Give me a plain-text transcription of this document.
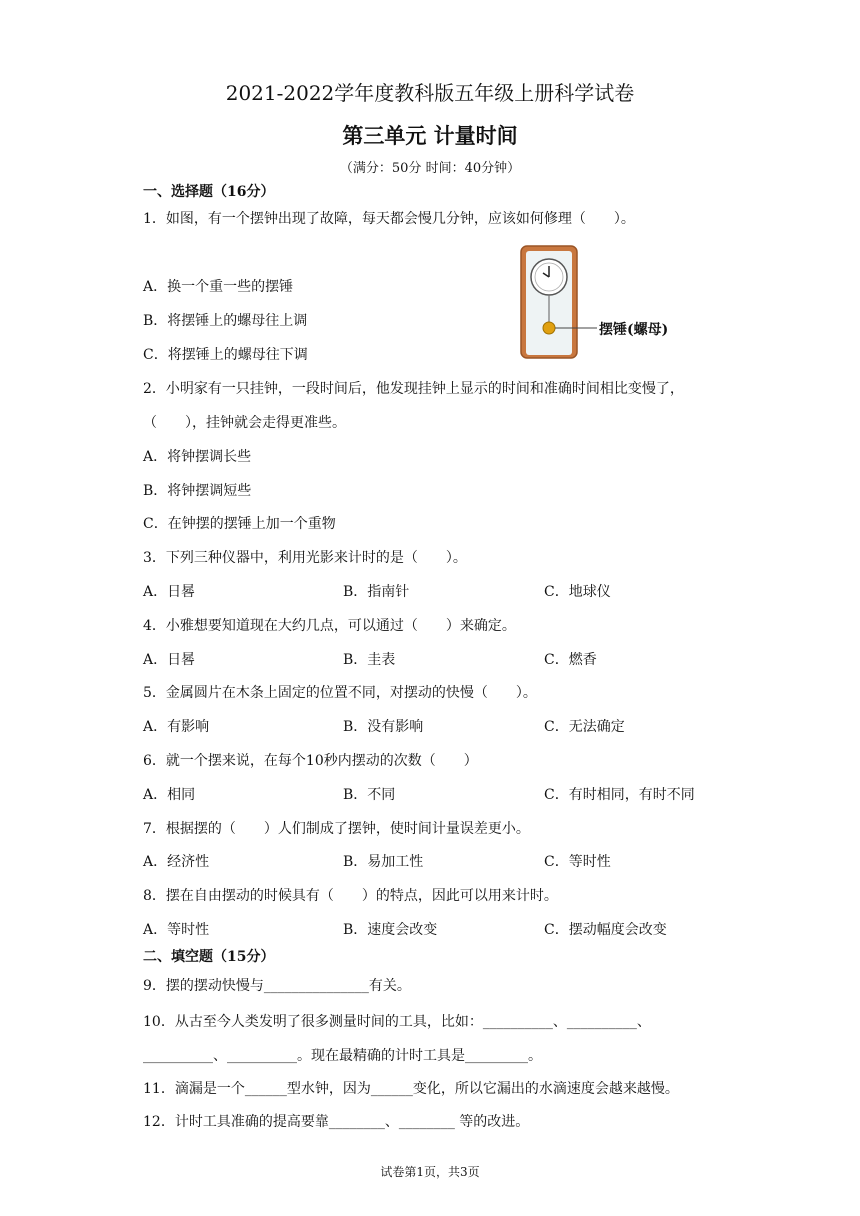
2021-2022学年度教科版五年级上册科学试卷
第三单元 计量时间
（满分：50分 时间：40分钟）
一、选择题（16分）
1．如图，有一个摆钟出现了故障，每天都会慢几分钟，应该如何修理（　　）。
A．换一个重一些的摆锤
B．将摆锤上的螺母往上调
C．将摆锤上的螺母往下调
摆锤(螺母)
2．小明家有一只挂钟，一段时间后，他发现挂钟上显示的时间和准确时间相比变慢了，
（　　），挂钟就会走得更准些。
A．将钟摆调长些
B．将钟摆调短些
C．在钟摆的摆锤上加一个重物
3．下列三种仪器中，利用光影来计时的是（　　）。
A．日晷	B．指南针	C．地球仪
4．小雅想要知道现在大约几点，可以通过（　　）来确定。
A．日晷	B．圭表	C．燃香
5．金属圆片在木条上固定的位置不同，对摆动的快慢（　　）。
A．有影响	B．没有影响	C．无法确定
6．就一个摆来说，在每个10秒内摆动的次数（　　）
A．相同	B．不同	C．有时相同，有时不同
7．根据摆的（　　）人们制成了摆钟，使时间计量误差更小。
A．经济性	B．易加工性	C．等时性
8．摆在自由摆动的时候具有（　　）的特点，因此可以用来计时。
A．等时性	B．速度会改变	C．摆动幅度会改变
二、填空题（15分）
9．摆的摆动快慢与_______________有关。
10．从古至今人类发明了很多测量时间的工具，比如：__________、__________、
__________、__________。现在最精确的计时工具是_________。
11．滴漏是一个______型水钟，因为______变化，所以它漏出的水滴速度会越来越慢。
12．计时工具准确的提高要靠________、________ 等的改进。
试卷第1页，共3页
